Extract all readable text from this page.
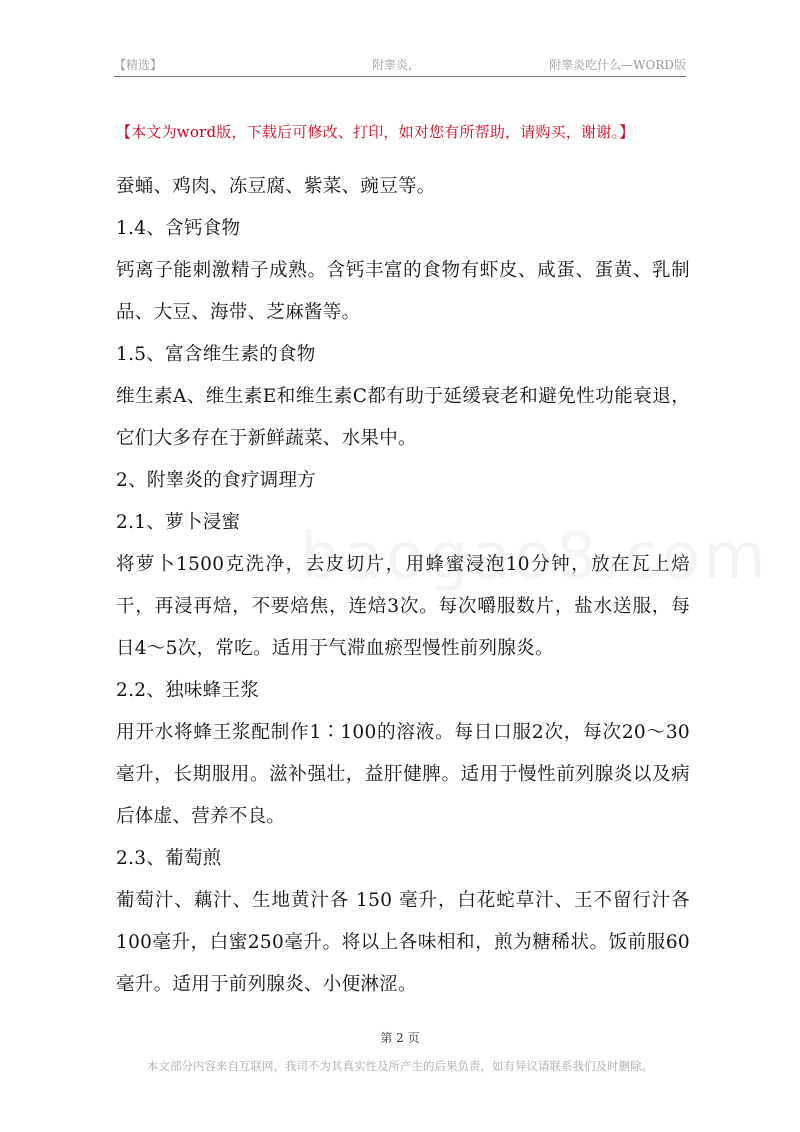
【精选】	附睾炎，	附睾炎吃什么—WORD版
【本文为word版，下载后可修改、打印，如对您有所帮助，请购买，谢谢。】

蚕蛹、鸡肉、冻豆腐、紫菜、豌豆等。

1.4、含钙食物

钙离子能刺激精子成熟。含钙丰富的食物有虾皮、咸蛋、蛋黄、乳制品、大豆、海带、芝麻酱等。

1.5、富含维生素的食物

维生素A、维生素E和维生素C都有助于延缓衰老和避免性功能衰退，它们大多存在于新鲜蔬菜、水果中。

2、附睾炎的食疗调理方

2.1、萝卜浸蜜

将萝卜1500克洗净，去皮切片，用蜂蜜浸泡10分钟，放在瓦上焙干，再浸再焙，不要焙焦，连焙3次。每次嚼服数片，盐水送服，每日4～5次，常吃。适用于气滞血瘀型慢性前列腺炎。

2.2、独味蜂王浆

用开水将蜂王浆配制作1∶100的溶液。每日口服2次，每次20～30毫升，长期服用。滋补强壮，益肝健脾。适用于慢性前列腺炎以及病后体虚、营养不良。

2.3、葡萄煎

葡萄汁、藕汁、生地黄汁各 150 毫升，白花蛇草汁、王不留行汁各100毫升，白蜜250毫升。将以上各味相和，煎为糖稀状。饭前服60毫升。适用于前列腺炎、小便淋涩。

第 2 页
本文部分内容来自互联网，我司不为其真实性及所产生的后果负责，如有异议请联系我们及时删除。
